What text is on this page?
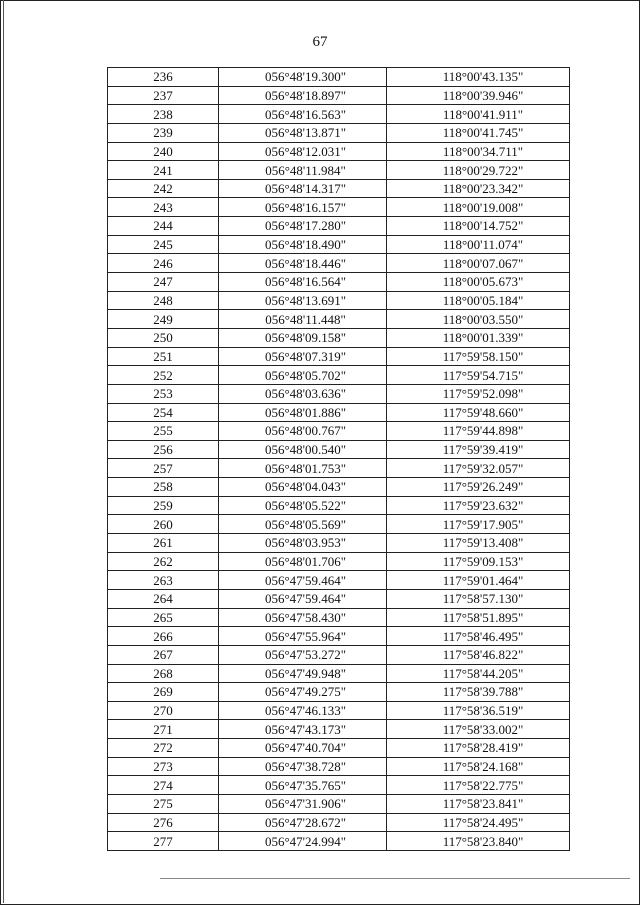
67
236	056°48'19.300"	118°00'43.135"
237	056°48'18.897"	118°00'39.946"
238	056°48'16.563"	118°00'41.911"
239	056°48'13.871"	118°00'41.745"
240	056°48'12.031"	118°00'34.711"
241	056°48'11.984"	118°00'29.722"
242	056°48'14.317"	118°00'23.342"
243	056°48'16.157"	118°00'19.008"
244	056°48'17.280"	118°00'14.752"
245	056°48'18.490"	118°00'11.074"
246	056°48'18.446"	118°00'07.067"
247	056°48'16.564"	118°00'05.673"
248	056°48'13.691"	118°00'05.184"
249	056°48'11.448"	118°00'03.550"
250	056°48'09.158"	118°00'01.339"
251	056°48'07.319"	117°59'58.150"
252	056°48'05.702"	117°59'54.715"
253	056°48'03.636"	117°59'52.098"
254	056°48'01.886"	117°59'48.660"
255	056°48'00.767"	117°59'44.898"
256	056°48'00.540"	117°59'39.419"
257	056°48'01.753"	117°59'32.057"
258	056°48'04.043"	117°59'26.249"
259	056°48'05.522"	117°59'23.632"
260	056°48'05.569"	117°59'17.905"
261	056°48'03.953"	117°59'13.408"
262	056°48'01.706"	117°59'09.153"
263	056°47'59.464"	117°59'01.464"
264	056°47'59.464"	117°58'57.130"
265	056°47'58.430"	117°58'51.895"
266	056°47'55.964"	117°58'46.495"
267	056°47'53.272"	117°58'46.822"
268	056°47'49.948"	117°58'44.205"
269	056°47'49.275"	117°58'39.788"
270	056°47'46.133"	117°58'36.519"
271	056°47'43.173"	117°58'33.002"
272	056°47'40.704"	117°58'28.419"
273	056°47'38.728"	117°58'24.168"
274	056°47'35.765"	117°58'22.775"
275	056°47'31.906"	117°58'23.841"
276	056°47'28.672"	117°58'24.495"
277	056°47'24.994"	117°58'23.840"
